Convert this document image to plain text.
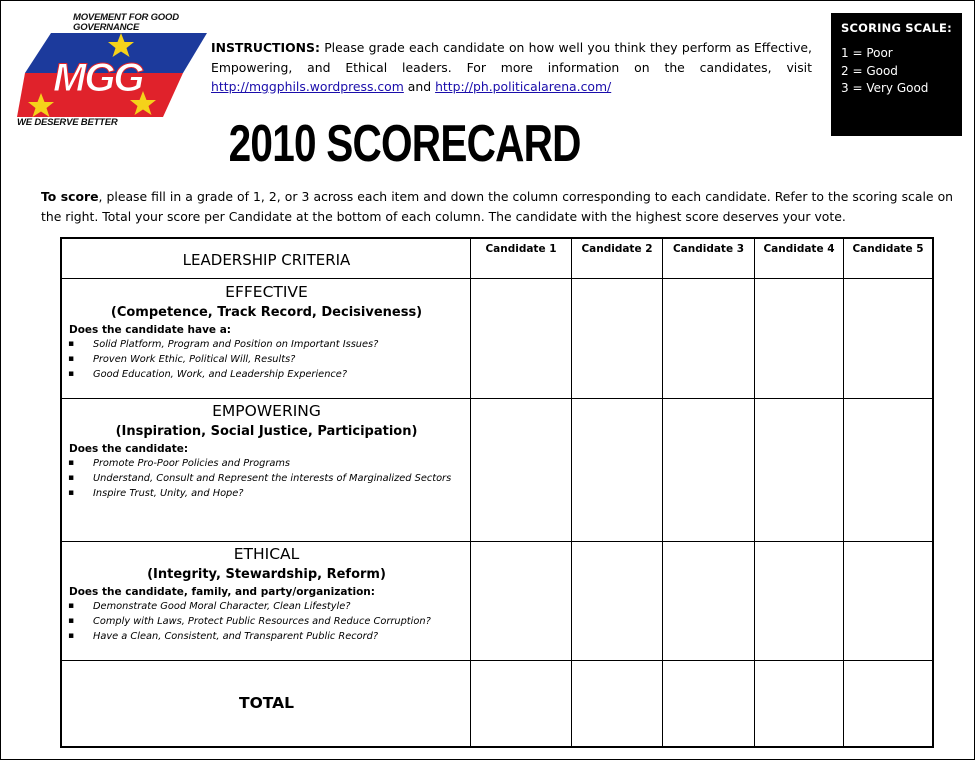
MGG
MOVEMENT FOR GOOD GOVERNANCE
WE DESERVE BETTER
INSTRUCTIONS: Please grade each candidate on how well you think they perform as Effective, Empowering, and Ethical leaders. For more information on the candidates, visit http://mggphils.wordpress.com and http://ph.politicalarena.com/
SCORING SCALE:
1 = Poor
2 = Good
3 = Very Good
2010 SCORECARD
To score, please fill in a grade of 1, 2, or 3 across each item and down the column corresponding to each candidate. Refer to the scoring scale on the right. Total your score per Candidate at the bottom of each column. The candidate with the highest score deserves your vote.
LEADERSHIP CRITERIA
Candidate 1	Candidate 2	Candidate 3	Candidate 4	Candidate 5
EFFECTIVE
(Competence, Track Record, Decisiveness)
Does the candidate have a:
▪ Solid Platform, Program and Position on Important Issues?
▪ Proven Work Ethic, Political Will, Results?
▪ Good Education, Work, and Leadership Experience?
EMPOWERING
(Inspiration, Social Justice, Participation)
Does the candidate:
▪ Promote Pro-Poor Policies and Programs
▪ Understand, Consult and Represent the interests of Marginalized Sectors
▪ Inspire Trust, Unity, and Hope?
ETHICAL
(Integrity, Stewardship, Reform)
Does the candidate, family, and party/organization:
▪ Demonstrate Good Moral Character, Clean Lifestyle?
▪ Comply with Laws, Protect Public Resources and Reduce Corruption?
▪ Have a Clean, Consistent, and Transparent Public Record?
TOTAL
